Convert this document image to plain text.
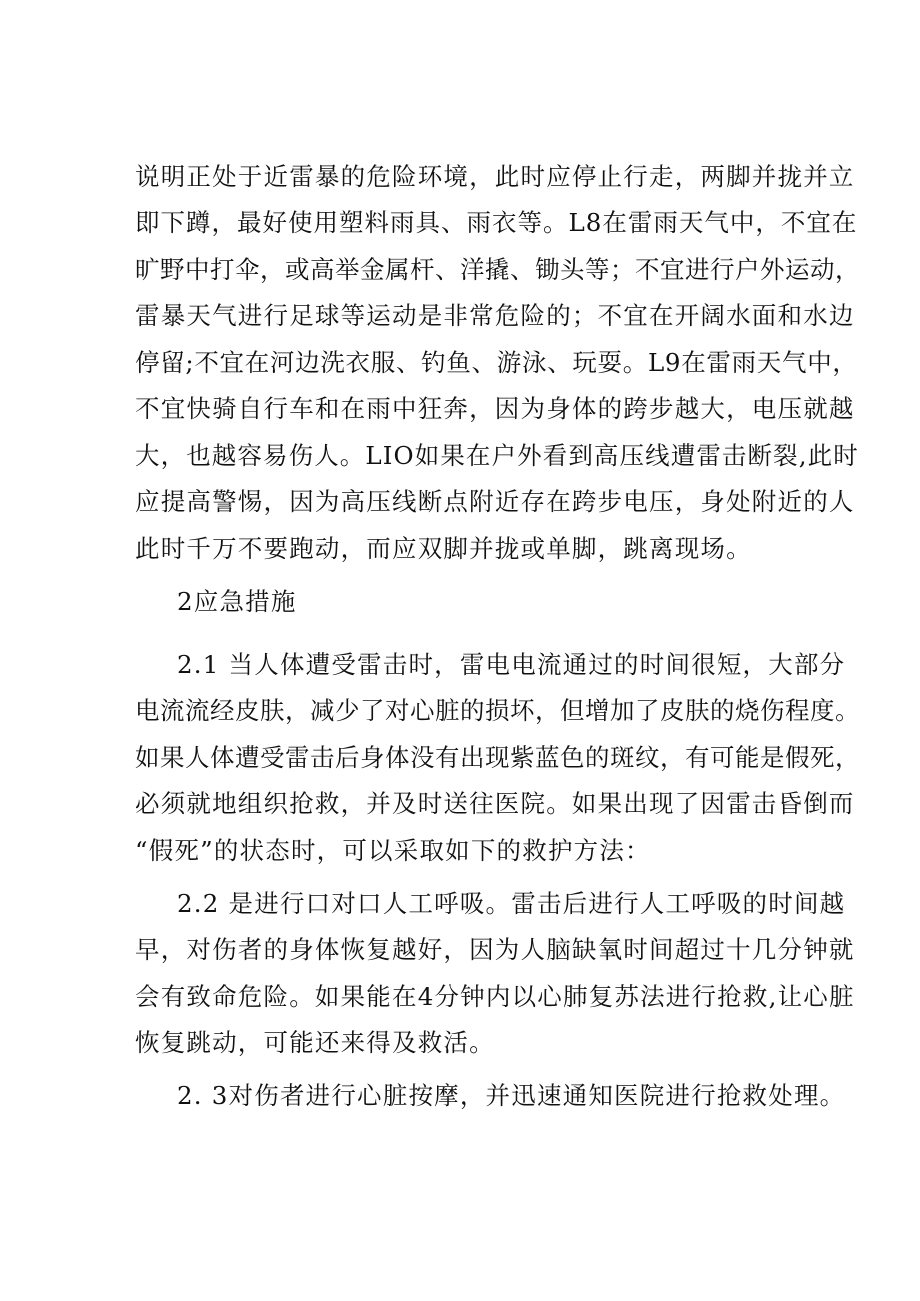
说明正处于近雷暴的危险环境，此时应停止行走，两脚并拢并立
即下蹲，最好使用塑料雨具、雨衣等。L8在雷雨天气中，不宜在
旷野中打伞，或高举金属杆、洋撬、锄头等；不宜进行户外运动，
雷暴天气进行足球等运动是非常危险的；不宜在开阔水面和水边
停留;不宜在河边洗衣服、钓鱼、游泳、玩耍。L9在雷雨天气中，
不宜快骑自行车和在雨中狂奔，因为身体的跨步越大，电压就越
大，也越容易伤人。LIO如果在户外看到高压线遭雷击断裂,此时
应提高警惕，因为高压线断点附近存在跨步电压，身处附近的人
此时千万不要跑动，而应双脚并拢或单脚，跳离现场。
2应急措施
2.1 当人体遭受雷击时，雷电电流通过的时间很短，大部分
电流流经皮肤，减少了对心脏的损坏，但增加了皮肤的烧伤程度。
如果人体遭受雷击后身体没有出现紫蓝色的斑纹，有可能是假死，
必须就地组织抢救，并及时送往医院。如果出现了因雷击昏倒而
“假死”的状态时，可以采取如下的救护方法：
2.2 是进行口对口人工呼吸。雷击后进行人工呼吸的时间越
早，对伤者的身体恢复越好，因为人脑缺氧时间超过十几分钟就
会有致命危险。如果能在4分钟内以心肺复苏法进行抢救,让心脏
恢复跳动，可能还来得及救活。
2. 3对伤者进行心脏按摩，并迅速通知医院进行抢救处理。
